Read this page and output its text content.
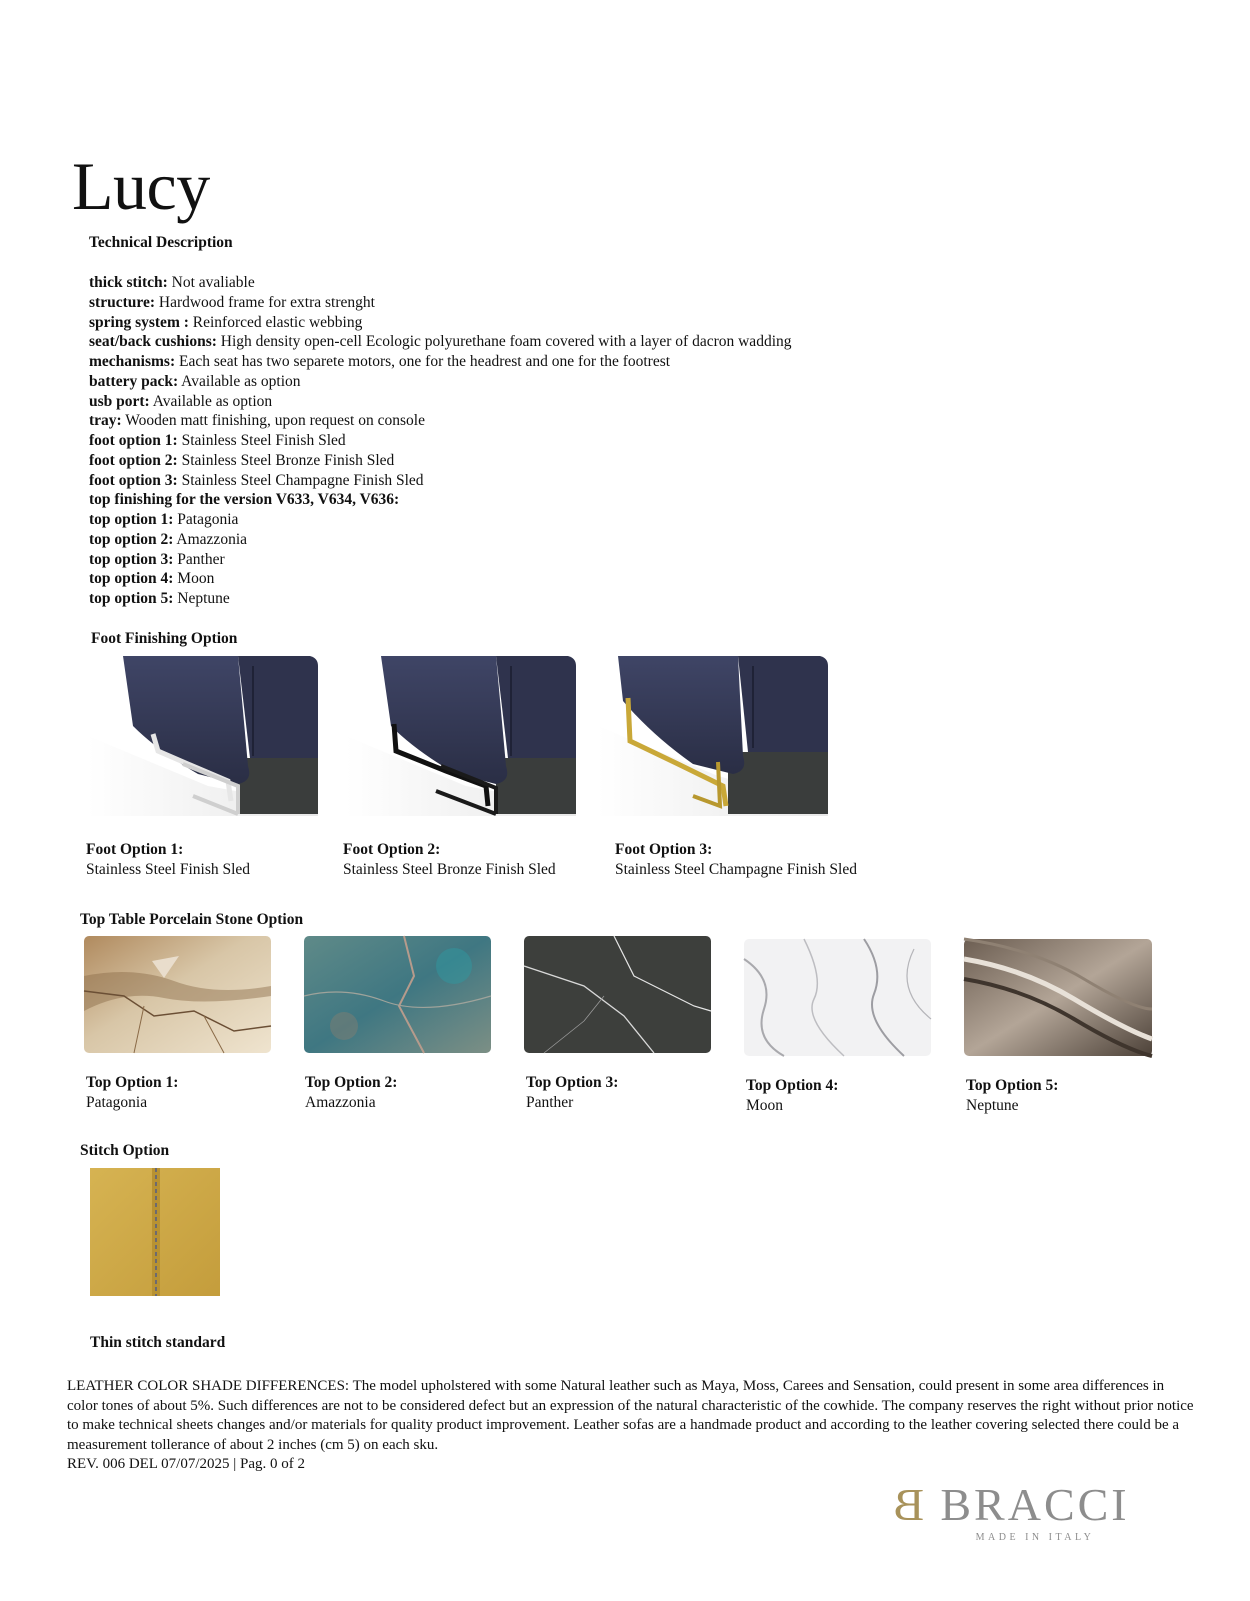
Lucy
Technical Description
thick stitch: Not avaliable
structure: Hardwood frame for extra strenght
spring system : Reinforced elastic webbing
seat/back cushions: High density open-cell Ecologic polyurethane foam covered with a layer of dacron wadding
mechanisms: Each seat has two separete motors, one for the headrest and one for the footrest
battery pack: Available as option
usb port: Available as option
tray: Wooden matt finishing, upon request on console
foot option 1: Stainless Steel Finish Sled
foot option 2: Stainless Steel Bronze Finish Sled
foot option 3: Stainless Steel Champagne Finish Sled
top finishing for the version V633, V634, V636:
top option 1: Patagonia
top option 2: Amazzonia
top option 3: Panther
top option 4: Moon
top option 5: Neptune
Foot Finishing Option
Foot Option 1:
Stainless Steel Finish Sled
Foot Option 2:
Stainless Steel Bronze Finish Sled
Foot Option 3:
Stainless Steel Champagne Finish Sled
Top Table Porcelain Stone Option
Top Option 1:
Patagonia
Top Option 2:
Amazzonia
Top Option 3:
Panther
Top Option 4:
Moon
Top Option 5:
Neptune
Stitch Option
Thin stitch standard
LEATHER COLOR SHADE DIFFERENCES: The model upholstered with some Natural leather such as Maya, Moss, Carees and Sensation, could present in some area differences in color tones of about 5%. Such differences are not to be considered defect but an expression of the natural characteristic of the cowhide. The company reserves the right without prior notice to make technical sheets changes and/or materials for quality product improvement. Leather sofas are a handmade product and according to the leather covering selected there could be a measurement tollerance of about 2 inches (cm 5) on each sku.
REV. 006 DEL 07/07/2025 | Pag. 0 of 2
BRACCI
B
MADE IN ITALY
